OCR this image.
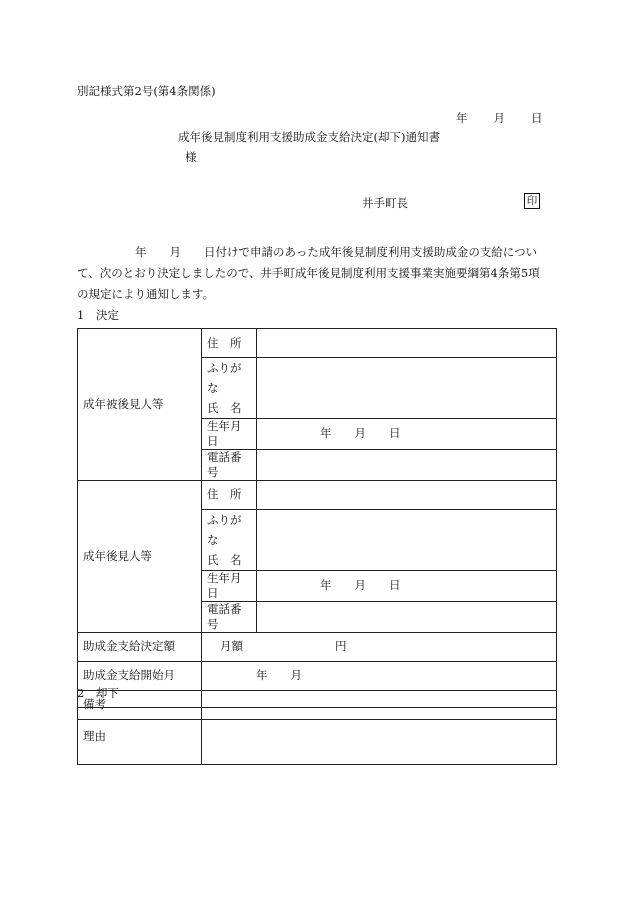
別記様式第2号(第4条関係)
年 月 日
成年後見制度利用支援助成金支給決定(却下)通知書
様
井手町長	印
年　　月　　日付けで申請のあった成年後見制度利用支援助成金の支給につい
て、次のとおり決定しましたので、井手町成年後見制度利用支援事業実施要綱第4条第5項
の規定により通知します。
1　決定
成年被後見人等	住　所	

	ふりがな
氏　名	

	生年月日	年　　月　　日
	電話番号	
成年後見人等	住　所	

	ふりがな
氏　名	

	生年月日	年　　月　　日
	電話番号	
助成金支給決定額	月額　　　　　　　　円	
助成金支給開始月	年　　月	
備考		
2　却下
理由	
